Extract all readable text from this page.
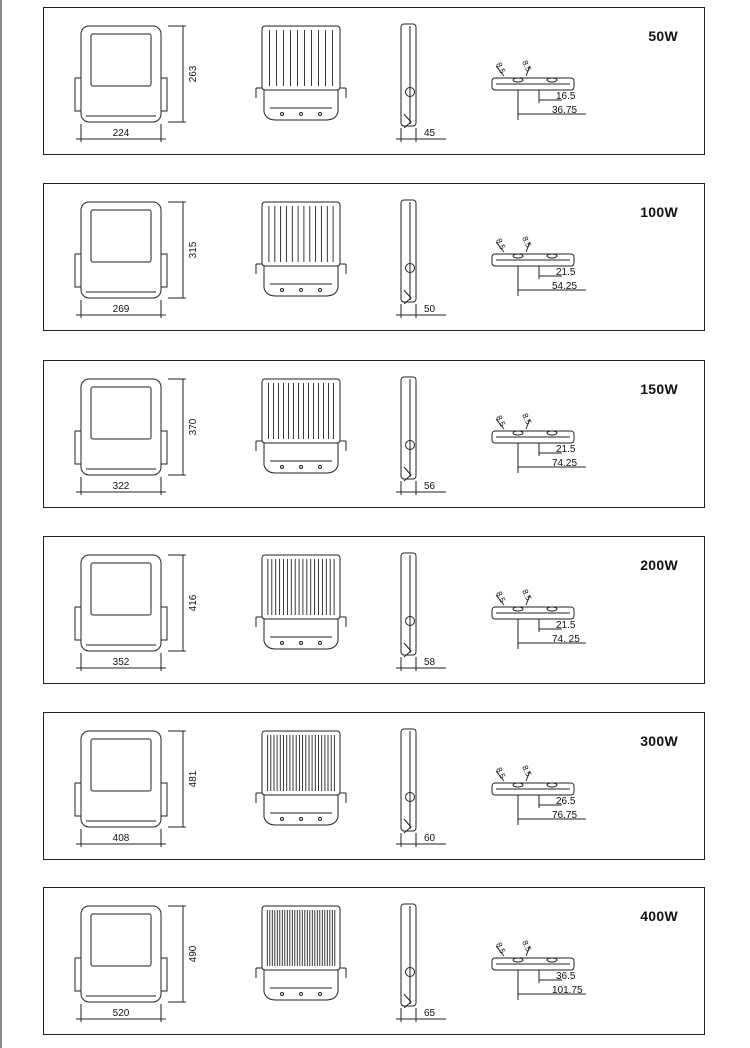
50W
263
224	45
8.5 8.5
16.5
36.75
100W
315
269	50
8.5 8.5
21.5
54.25
150W
370
322	56
8.5 8.5
21.5
74.25
200W
416
352	58
8.5 8.5
21.5
74. 25
300W
481
408	60
8.5 8.5
26.5
76.75
400W
490
520	65
8.5 8.5
36.5
101.75
